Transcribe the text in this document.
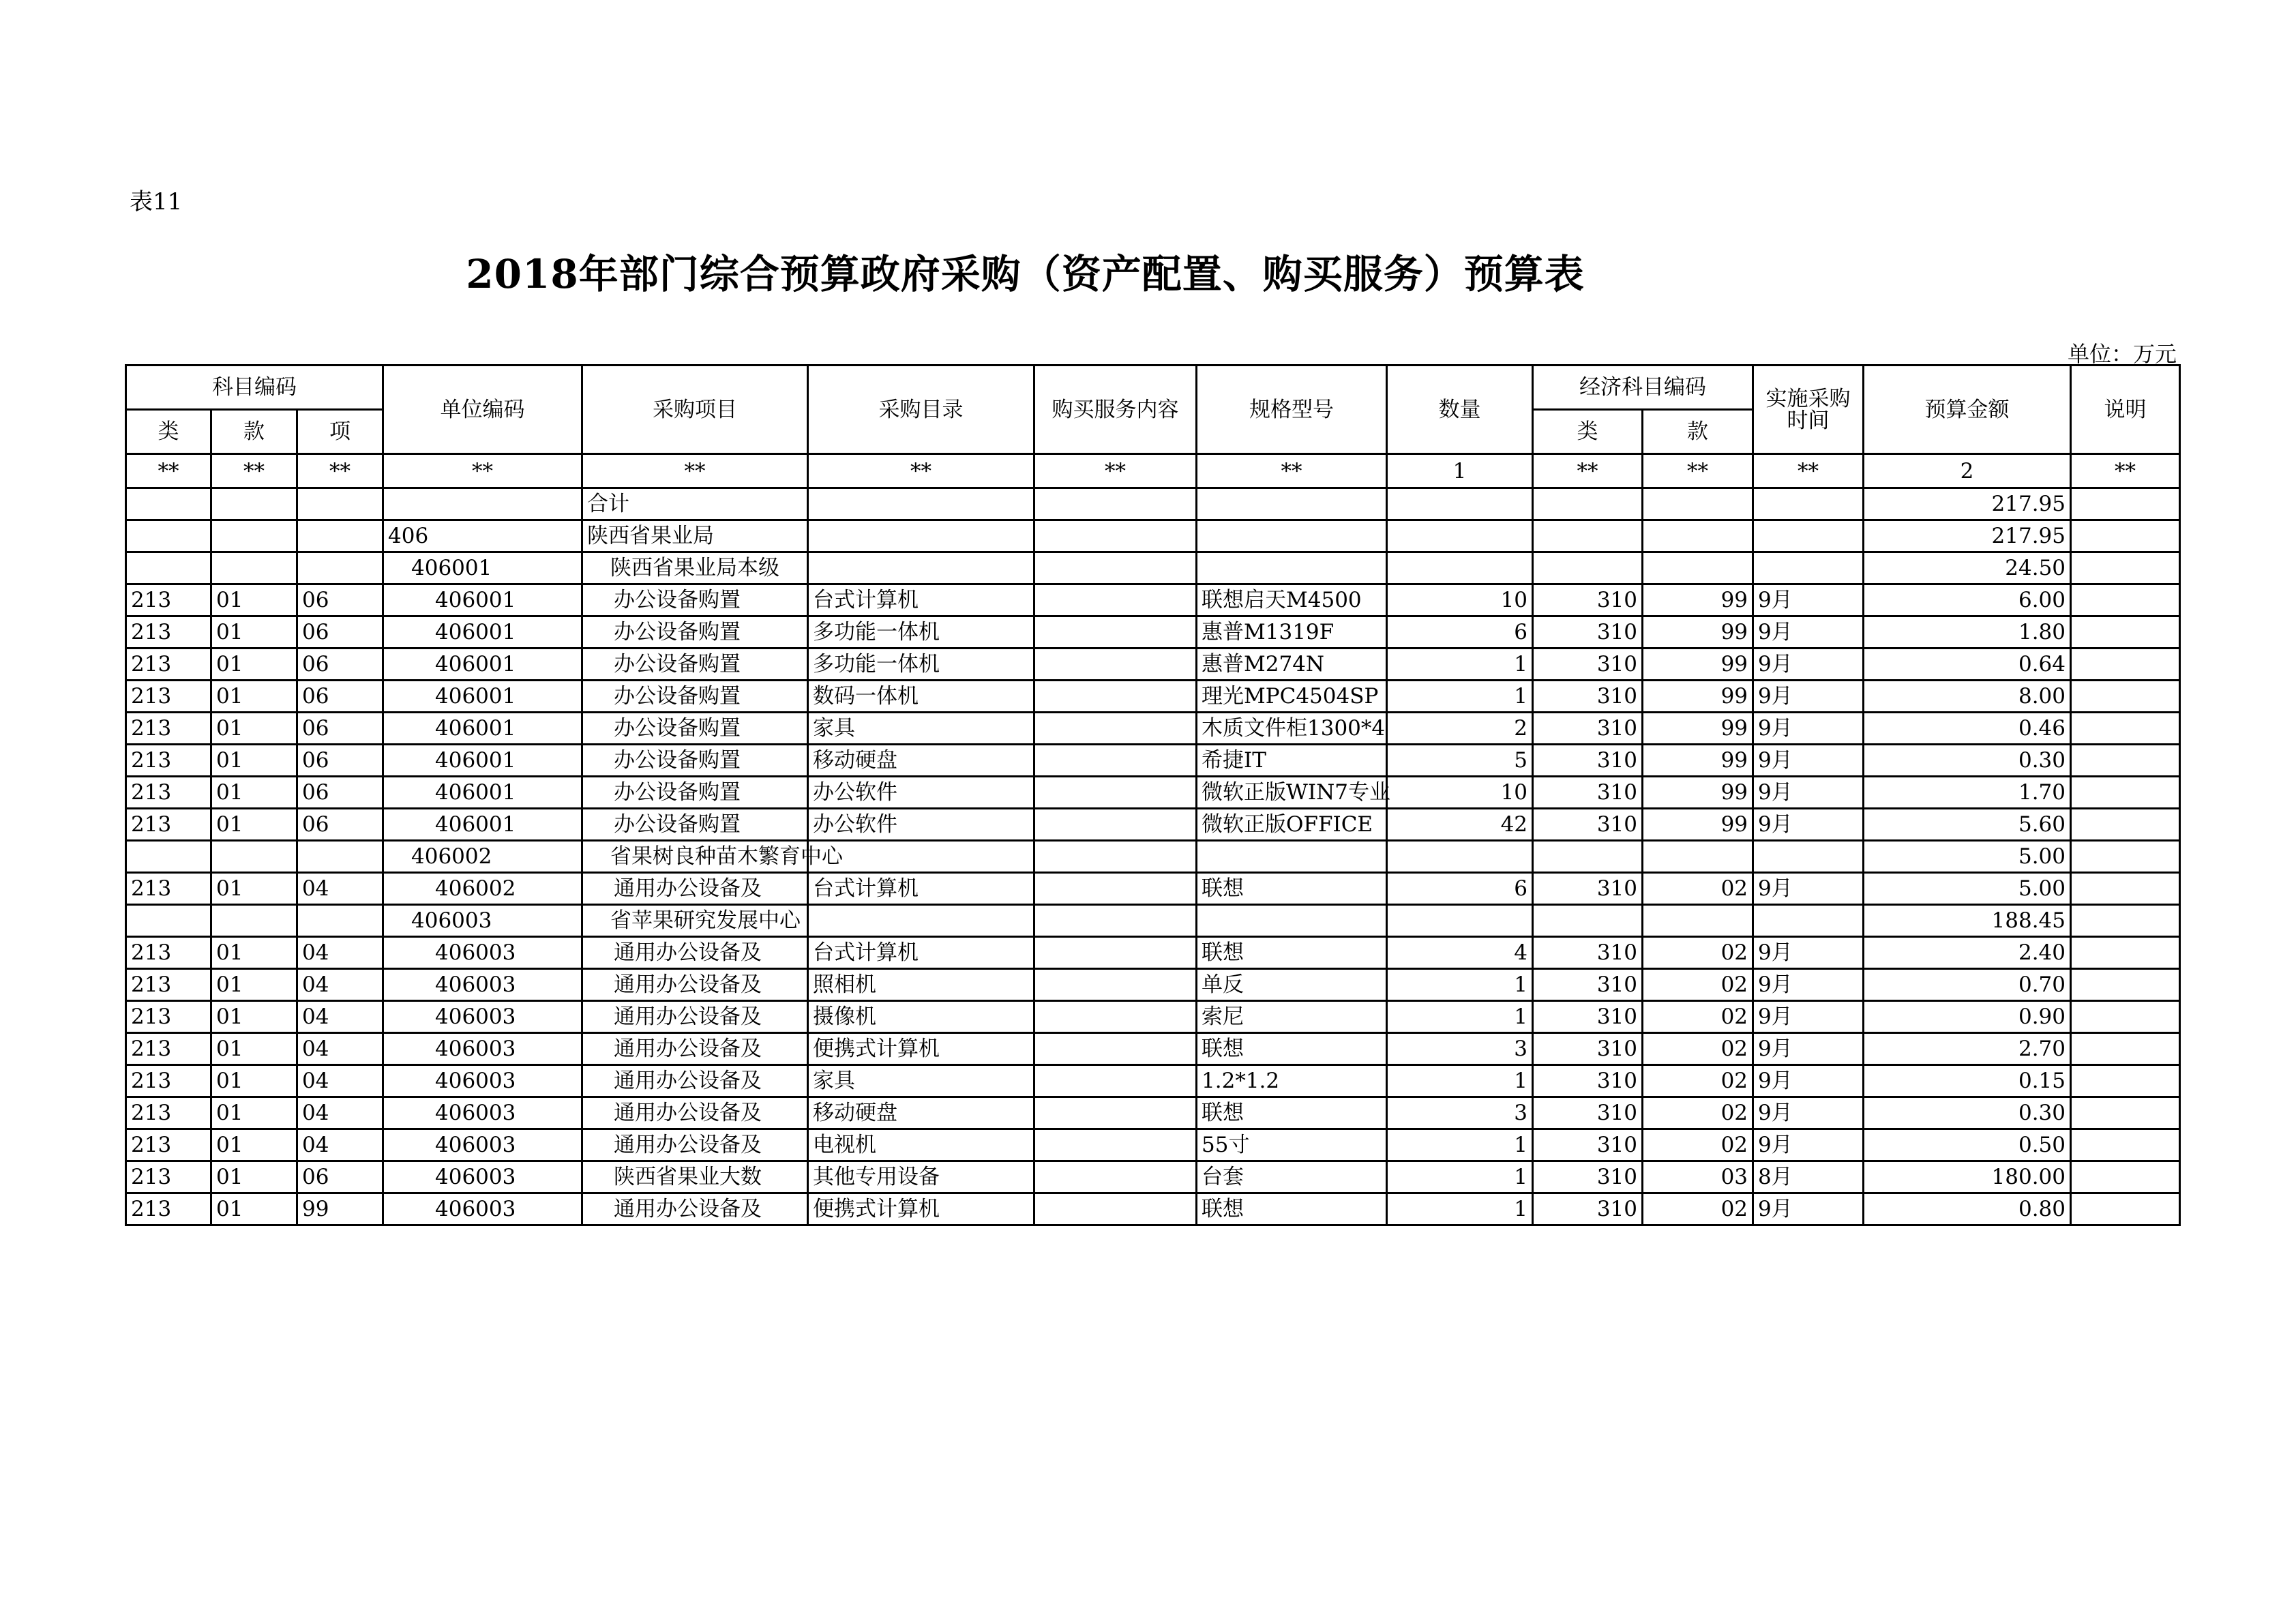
表11
2018年部门综合预算政府采购（资产配置、购买服务）预算表
单位：万元
科目编码			单位编码	采购项目	采购目录	购买服务内容	规格型号	数量	经济科目编码		实施采购时间	预算金额	说明
类	款	项							类	款			
**	**	**	**	**	**	**	**	1	**	**	**	2	**
				合计								217.95	
			406	陕西省果业局								217.95	
			406001	陕西省果业局本级								24.50	
213	01	06	406001	办公设备购置	台式计算机		联想启天M4500	10	310	99	9月	6.00	
213	01	06	406001	办公设备购置	多功能一体机		惠普M1319F	6	310	99	9月	1.80	
213	01	06	406001	办公设备购置	多功能一体机		惠普M274N	1	310	99	9月	0.64	
213	01	06	406001	办公设备购置	数码一体机		理光MPC4504SP	1	310	99	9月	8.00	
213	01	06	406001	办公设备购置	家具		木质文件柜1300*4	2	310	99	9月	0.46	
213	01	06	406001	办公设备购置	移动硬盘		希捷IT	5	310	99	9月	0.30	
213	01	06	406001	办公设备购置	办公软件		微软正版WIN7专业	10	310	99	9月	1.70	
213	01	06	406001	办公设备购置	办公软件		微软正版OFFICE	42	310	99	9月	5.60	
			406002	省果树良种苗木繁育中心								5.00	
213	01	04	406002	通用办公设备及	台式计算机		联想	6	310	02	9月	5.00	
			406003	省苹果研究发展中心								188.45	
213	01	04	406003	通用办公设备及	台式计算机		联想	4	310	02	9月	2.40	
213	01	04	406003	通用办公设备及	照相机		单反	1	310	02	9月	0.70	
213	01	04	406003	通用办公设备及	摄像机		索尼	1	310	02	9月	0.90	
213	01	04	406003	通用办公设备及	便携式计算机		联想	3	310	02	9月	2.70	
213	01	04	406003	通用办公设备及	家具		1.2*1.2	1	310	02	9月	0.15	
213	01	04	406003	通用办公设备及	移动硬盘		联想	3	310	02	9月	0.30	
213	01	04	406003	通用办公设备及	电视机		55寸	1	310	02	9月	0.50	
213	01	06	406003	陕西省果业大数	其他专用设备		台套	1	310	03	8月	180.00	
213	01	99	406003	通用办公设备及	便携式计算机		联想	1	310	02	9月	0.80	
